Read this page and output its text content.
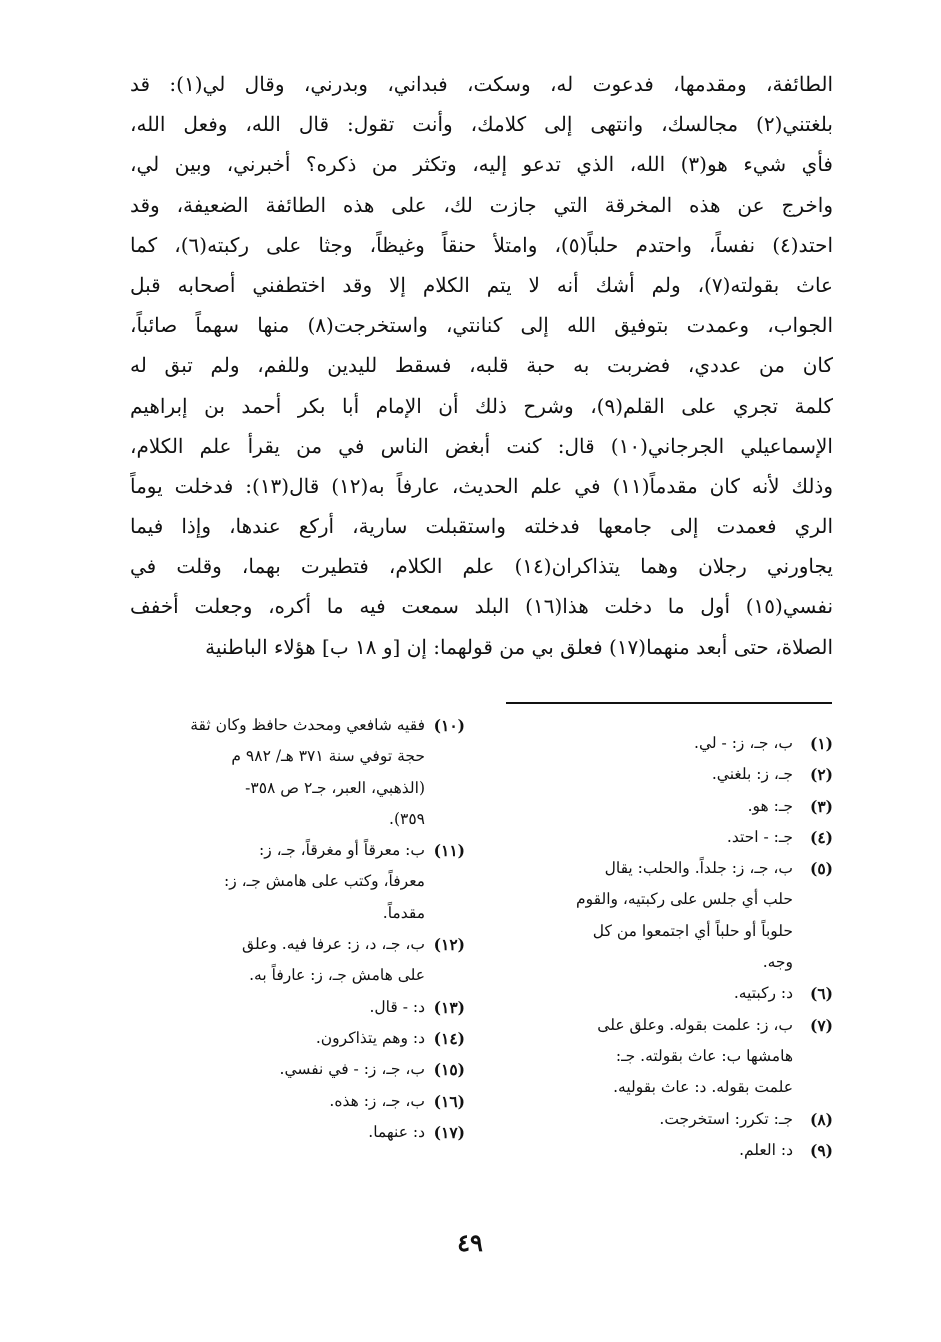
الطائفة، ومقدمها، فدعوت له، وسكت، فبداني، وبدرني، وقال لي(١): قد
بلغتني(٢) مجالسك، وانتهى إلى كلامك، وأنت تقول: قال الله، وفعل الله،
فأي شيء هو(٣) الله، الذي تدعو إليه، وتكثر من ذكره؟ أخبرني، وبين لي،
واخرج عن هذه المخرقة التي جازت لك، على هذه الطائفة الضعيفة، وقد
احتد(٤) نفساً، واحتدم حلباً(٥)، وامتلأ حنقاً وغيظاً، وجثا على ركبته(٦)، كما
عاث بقولته(٧)، ولم أشك أنه لا يتم الكلام إلا وقد اختطفني أصحابه قبل
الجواب، وعمدت بتوفيق الله إلى كنانتي، واستخرجت(٨) منها سهماً صائباً،
كان من عددي، فضربت به حبة قلبه، فسقط لليدين وللفم، ولم تبق له
كلمة تجري على القلم(٩)، وشرح ذلك أن الإمام أبا بكر أحمد بن إبراهيم
الإسماعيلي الجرجاني(١٠) قال: كنت أبغض الناس في من يقرأ علم الكلام،
وذلك لأنه كان مقدماً(١١) في علم الحديث، عارفاً به(١٢) قال(١٣): فدخلت يوماً
الري فعمدت إلى جامعها فدخلته واستقبلت سارية، أركع عندها، وإذا فيما
يجاورني رجلان وهما يتذاكران(١٤) علم الكلام، فتطيرت بهما، وقلت في
نفسي(١٥) أول ما دخلت هذا(١٦) البلد سمعت فيه ما أكره، وجعلت أخفف
الصلاة، حتى أبعد منهما(١٧) فعلق بي من قولهما: إن [و ١٨ ب] هؤلاء الباطنية
(١)
ب، جـ، ز: - لي.
(٢)
جـ، ز: بلغني.
(٣)
جـ: هو.
(٤)
جـ: - احتد.
(٥)
ب، جـ، ز: جلداً. والحلب: يقال
حلب أي جلس على ركبتيه، والقوم
حلوباً أو حلباً أي اجتمعوا من كل
وجه.
(٦)
د: ركبتيه.
(٧)
ب، ز: علمت بقوله. وعلق على
هامشها ب: عاث بقولته. جـ:
علمت بقوله. د: عاث بقوليه.
(٨)
جـ: تكرر: استخرجت.
(٩)
د: العلم.
(١٠)
فقيه شافعي ومحدث حافظ وكان ثقة
حجة توفي سنة ٣٧١ هـ/ ٩٨٢ م
(الذهبي، العبر، جـ٢ ص ٣٥٨-
٣٥٩).
(١١)
ب: معرقاً أو مغرقاً، جـ، ز:
معرفاً، وكتب على هامش جـ، ز:
مقدماً.
(١٢)
ب، جـ، د، ز: عرفا فيه. وعلق
على هامش جـ، ز: عارفاً به.
(١٣)
د: - قال.
(١٤)
د: وهم يتذاكرون.
(١٥)
ب، جـ، ز: - في نفسي.
(١٦)
ب، جـ، ز: هذه.
(١٧)
د: عنهما.
٤٩
